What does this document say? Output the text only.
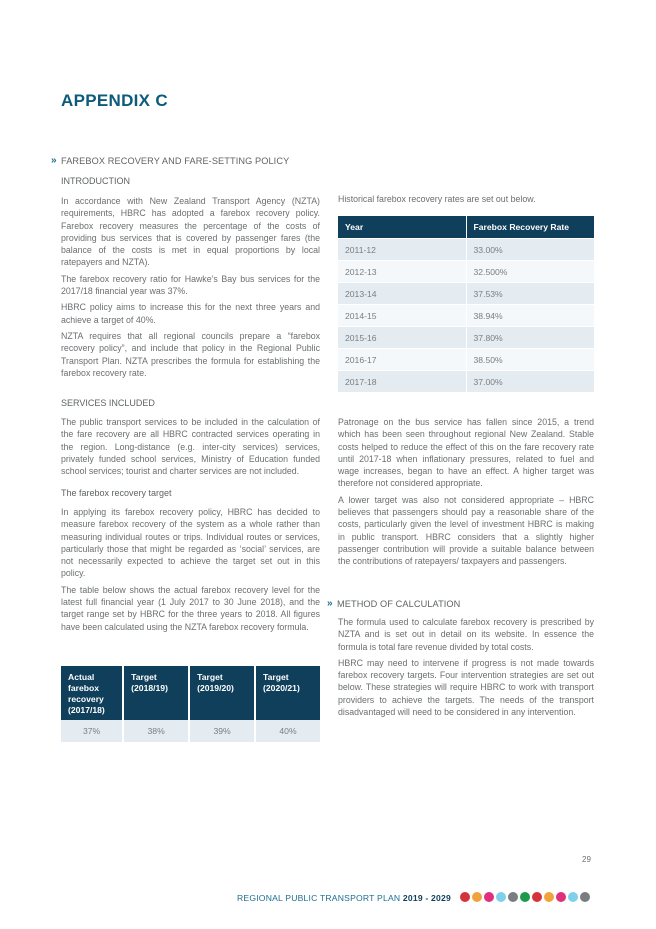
APPENDIX C
» FAREBOX RECOVERY AND FARE-SETTING POLICY
INTRODUCTION

In accordance with New Zealand Transport Agency (NZTA) requirements, HBRC has adopted a farebox recovery policy. Farebox recovery measures the percentage of the costs of providing bus services that is covered by passenger fares (the balance of the costs is met in equal proportions by local ratepayers and NZTA).

The farebox recovery ratio for Hawke’s Bay bus services for the 2017/18 financial year was 37%.

HBRC policy aims to increase this for the next three years and achieve a target of 40%.

NZTA requires that all regional councils prepare a “farebox recovery policy”, and include that policy in the Regional Public Transport Plan. NZTA prescribes the formula for establishing the farebox recovery rate.

SERVICES INCLUDED

The public transport services to be included in the calculation of the fare recovery are all HBRC contracted services operating in the region. Long-distance (e.g. inter-city services) services, privately funded school services, Ministry of Education funded school services; tourist and charter services are not included.

The farebox recovery target

In applying its farebox recovery policy, HBRC has decided to measure farebox recovery of the system as a whole rather than measuring individual routes or trips. Individual routes or services, particularly those that might be regarded as ‘social’ services, are not necessarily expected to achieve the target set out in this policy.

The table below shows the actual farebox recovery level for the latest full financial year (1 July 2017 to 30 June 2018), and the target range set by HBRC for the three years to 2018. All figures have been calculated using the NZTA farebox recovery formula.

Actual farebox recovery (2017/18)	Target (2018/19)	Target (2019/20)	Target (2020/21)
37%	38%	39%	40%

Historical farebox recovery rates are set out below.

Year	Farebox Recovery Rate
2011-12	33.00%
2012-13	32.500%
2013-14	37.53%
2014-15	38.94%
2015-16	37.80%
2016-17	38.50%
2017-18	37.00%

Patronage on the bus service has fallen since 2015, a trend which has been seen throughout regional New Zealand. Stable costs helped to reduce the effect of this on the fare recovery rate until 2017-18 when inflationary pressures, related to fuel and wage increases, began to have an effect. A higher target was therefore not considered appropriate.

A lower target was also not considered appropriate – HBRC believes that passengers should pay a reasonable share of the costs, particularly given the level of investment HBRC is making in public transport. HBRC considers that a slightly higher passenger contribution will provide a suitable balance between the contributions of ratepayers/ taxpayers and passengers.

» METHOD OF CALCULATION

The formula used to calculate farebox recovery is prescribed by NZTA and is set out in detail on its website. In essence the formula is total fare revenue divided by total costs.

HBRC may need to intervene if progress is not made towards farebox recovery targets. Four intervention strategies are set out below. These strategies will require HBRC to work with transport providers to achieve the targets. The needs of the transport disadvantaged will need to be considered in any intervention.

29
REGIONAL PUBLIC TRANSPORT PLAN 2019 - 2029
